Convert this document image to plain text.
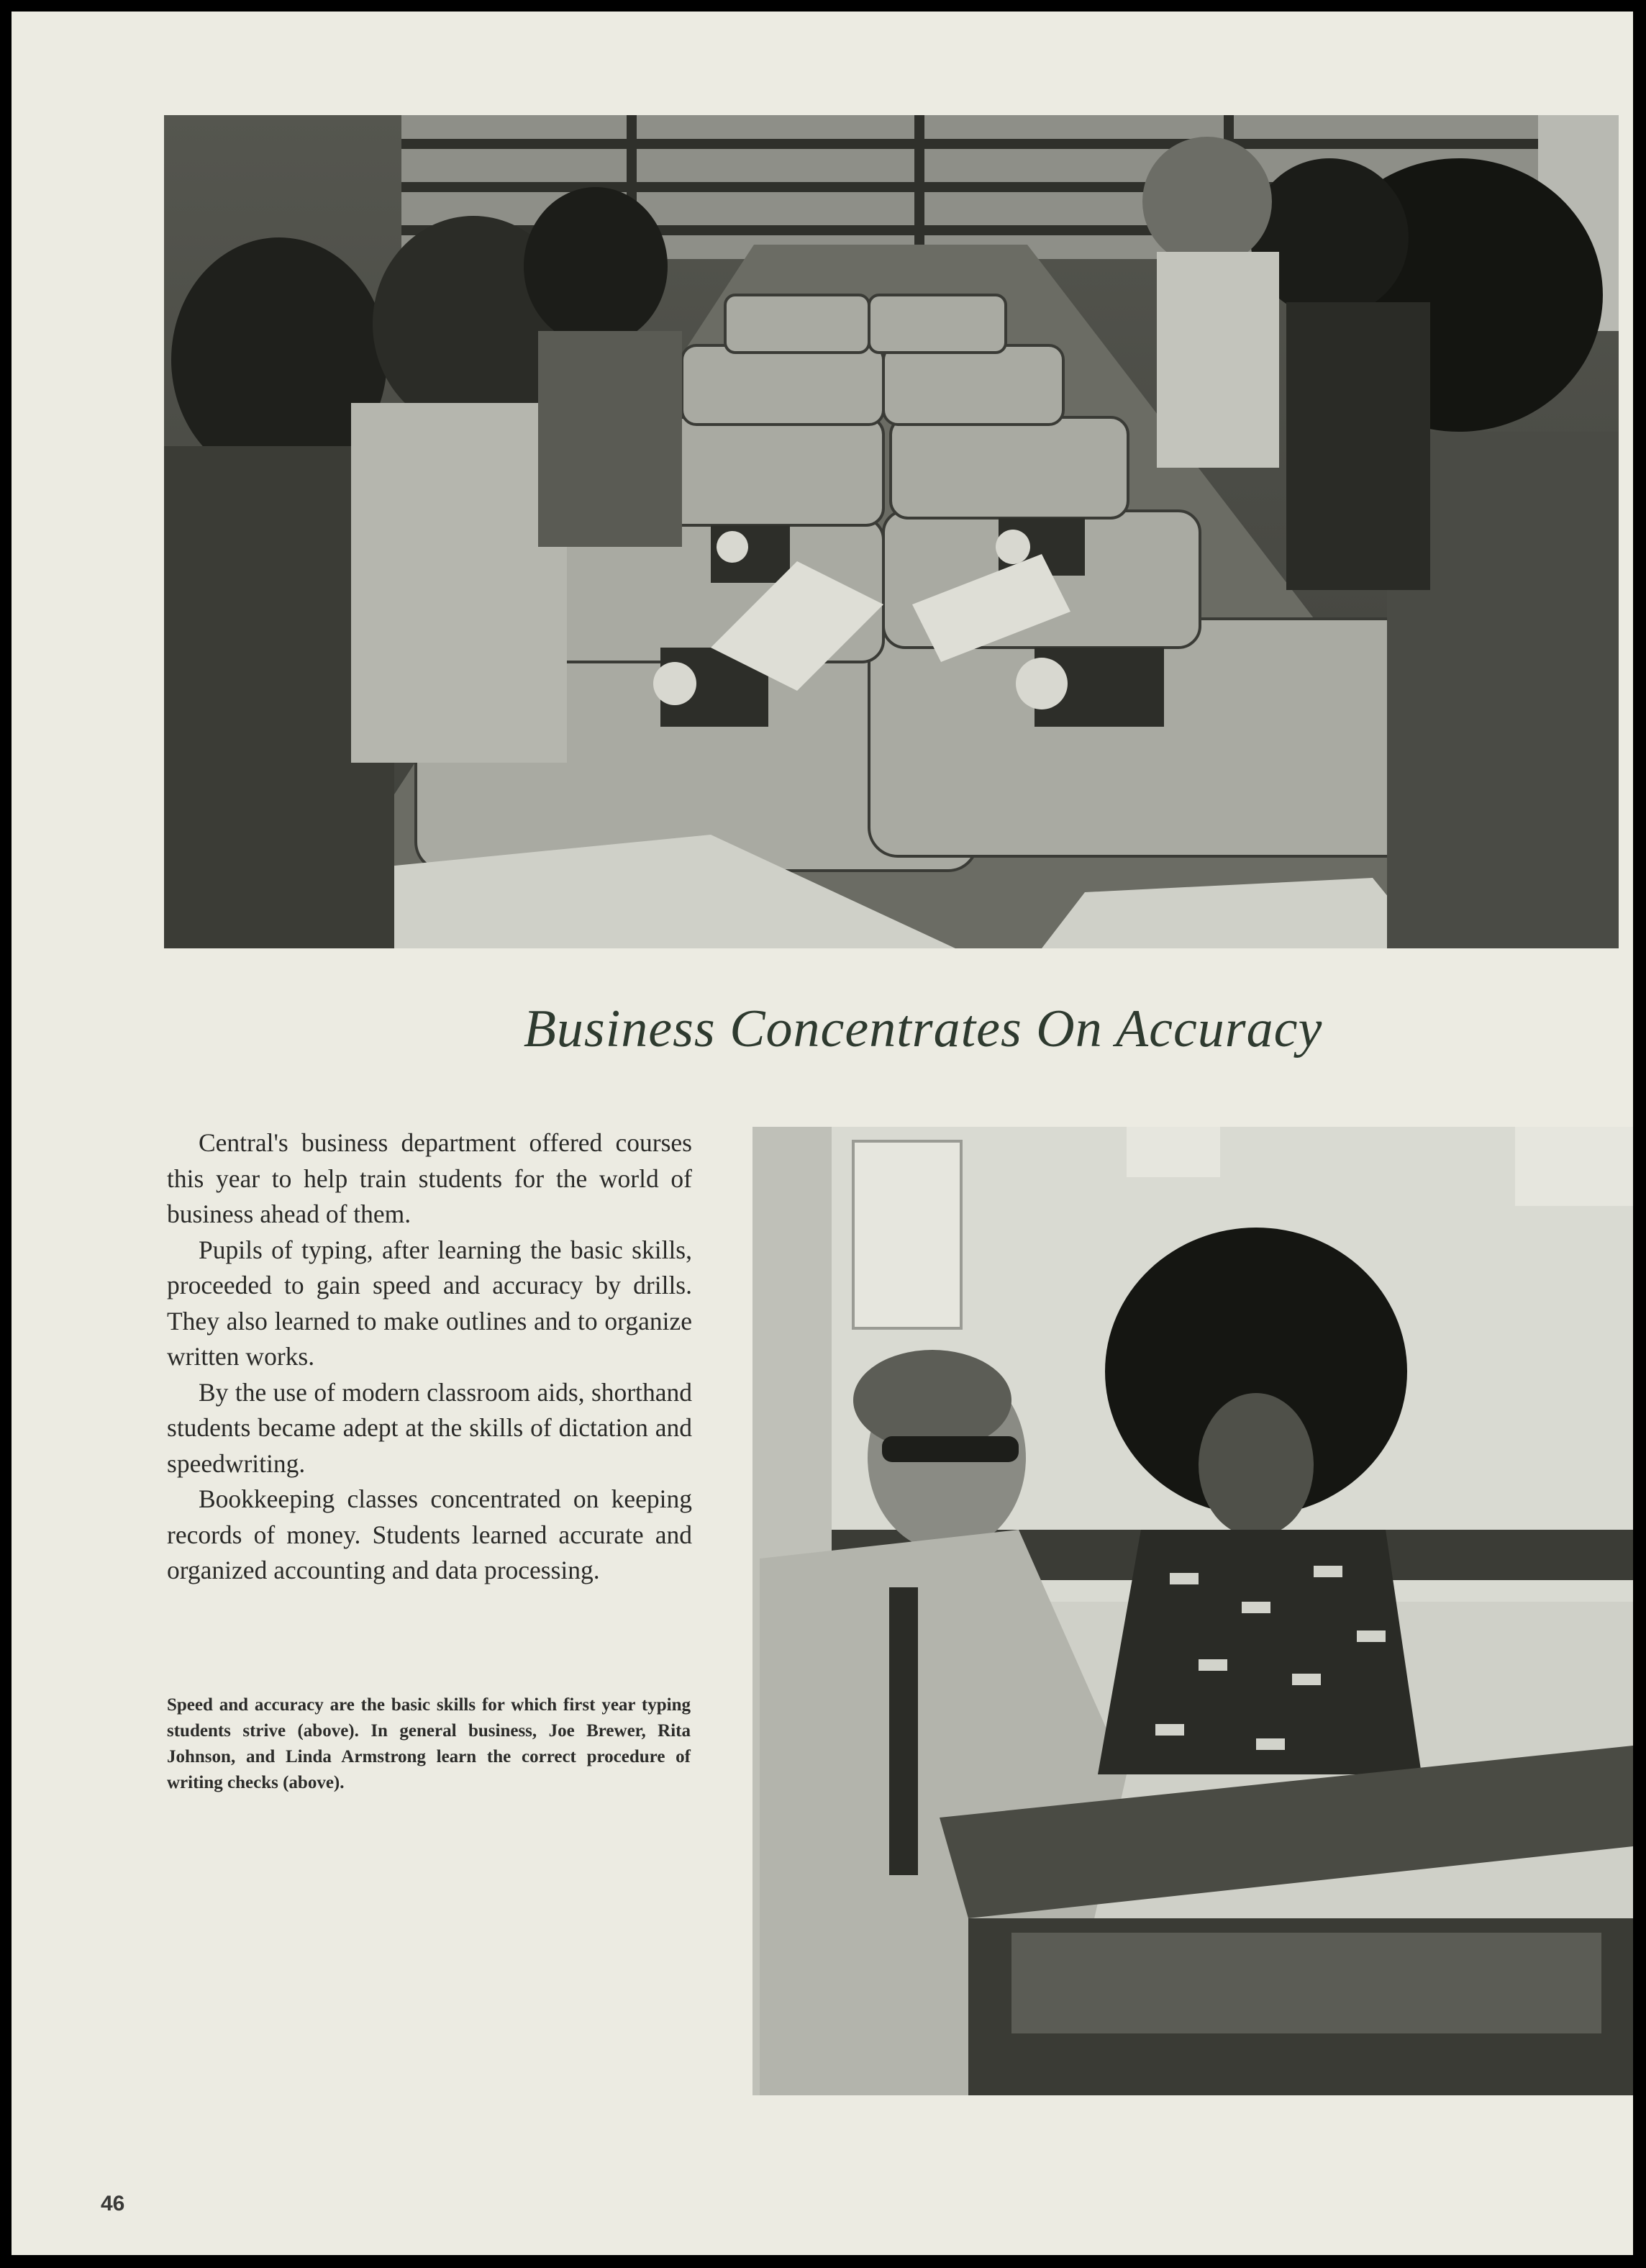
Business Concentrates On Accuracy

Central's business department offered courses this year to help train students for the world of business ahead of them.

Pupils of typing, after learning the basic skills, proceeded to gain speed and accuracy by drills. They also learned to make outlines and to organize written works.

By the use of modern classroom aids, shorthand students became adept at the skills of dictation and speedwriting.

Bookkeeping classes concentrated on keeping records of money. Students learned accurate and organized accounting and data processing.

Speed and accuracy are the basic skills for which first year typing students strive (above). In general business, Joe Brewer, Rita Johnson, and Linda Armstrong learn the correct procedure of writing checks (above).
46
